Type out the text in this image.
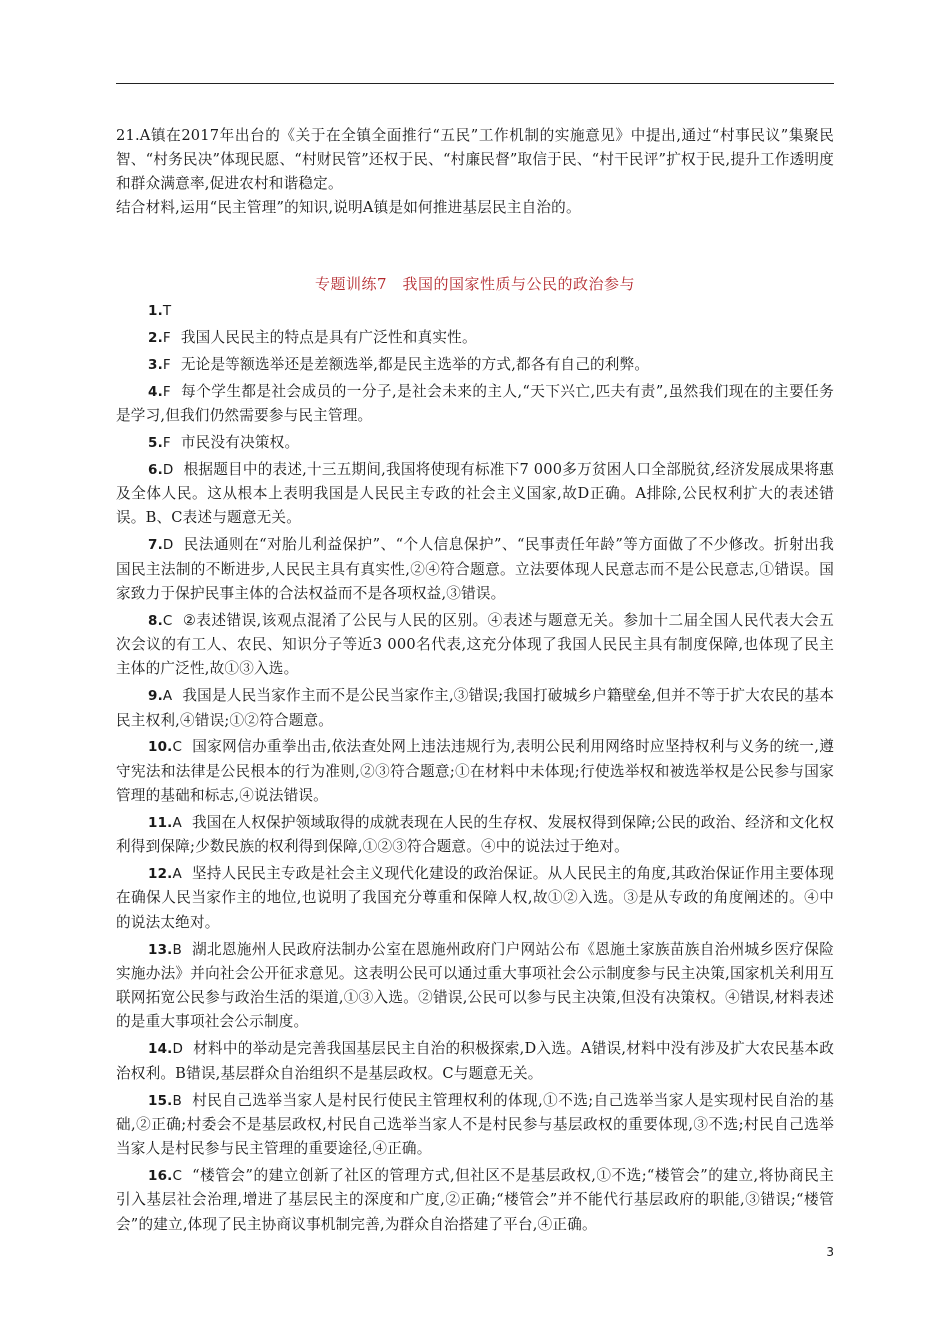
21.A镇在2017年出台的《关于在全镇全面推行“五民”工作机制的实施意见》中提出,通过“村事民议”集聚民智、“村务民决”体现民愿、“村财民管”还权于民、“村廉民督”取信于民、“村干民评”扩权于民,提升工作透明度和群众满意率,促进农村和谐稳定。

结合材料,运用“民主管理”的知识,说明A镇是如何推进基层民主自治的。

专题训练7　我国的国家性质与公民的政治参与

1.T

2.F 我国人民民主的特点是具有广泛性和真实性。

3.F 无论是等额选举还是差额选举,都是民主选举的方式,都各有自己的利弊。

4.F 每个学生都是社会成员的一分子,是社会未来的主人,“天下兴亡,匹夫有责”,虽然我们现在的主要任务是学习,但我们仍然需要参与民主管理。

5.F 市民没有决策权。

6.D 根据题目中的表述,十三五期间,我国将使现有标准下7 000多万贫困人口全部脱贫,经济发展成果将惠及全体人民。这从根本上表明我国是人民民主专政的社会主义国家,故D正确。A排除,公民权利扩大的表述错误。B、C表述与题意无关。

7.D 民法通则在“对胎儿利益保护”、“个人信息保护”、“民事责任年龄”等方面做了不少修改。折射出我国民主法制的不断进步,人民民主具有真实性,②④符合题意。立法要体现人民意志而不是公民意志,①错误。国家致力于保护民事主体的合法权益而不是各项权益,③错误。

8.C ②表述错误,该观点混淆了公民与人民的区别。④表述与题意无关。参加十二届全国人民代表大会五次会议的有工人、农民、知识分子等近3 000名代表,这充分体现了我国人民民主具有制度保障,也体现了民主主体的广泛性,故①③入选。

9.A 我国是人民当家作主而不是公民当家作主,③错误;我国打破城乡户籍壁垒,但并不等于扩大农民的基本民主权利,④错误;①②符合题意。

10.C 国家网信办重拳出击,依法查处网上违法违规行为,表明公民利用网络时应坚持权利与义务的统一,遵守宪法和法律是公民根本的行为准则,②③符合题意;①在材料中未体现;行使选举权和被选举权是公民参与国家管理的基础和标志,④说法错误。

11.A 我国在人权保护领域取得的成就表现在人民的生存权、发展权得到保障;公民的政治、经济和文化权利得到保障;少数民族的权利得到保障,①②③符合题意。④中的说法过于绝对。

12.A 坚持人民民主专政是社会主义现代化建设的政治保证。从人民民主的角度,其政治保证作用主要体现在确保人民当家作主的地位,也说明了我国充分尊重和保障人权,故①②入选。③是从专政的角度阐述的。④中的说法太绝对。

13.B 湖北恩施州人民政府法制办公室在恩施州政府门户网站公布《恩施土家族苗族自治州城乡医疗保险实施办法》并向社会公开征求意见。这表明公民可以通过重大事项社会公示制度参与民主决策,国家机关利用互联网拓宽公民参与政治生活的渠道,①③入选。②错误,公民可以参与民主决策,但没有决策权。④错误,材料表述的是重大事项社会公示制度。

14.D 材料中的举动是完善我国基层民主自治的积极探索,D入选。A错误,材料中没有涉及扩大农民基本政治权利。B错误,基层群众自治组织不是基层政权。C与题意无关。

15.B 村民自己选举当家人是村民行使民主管理权利的体现,①不选;自己选举当家人是实现村民自治的基础,②正确;村委会不是基层政权,村民自己选举当家人不是村民参与基层政权的重要体现,③不选;村民自己选举当家人是村民参与民主管理的重要途径,④正确。

16.C “楼管会”的建立创新了社区的管理方式,但社区不是基层政权,①不选;“楼管会”的建立,将协商民主引入基层社会治理,增进了基层民主的深度和广度,②正确;“楼管会”并不能代行基层政府的职能,③错误;“楼管会”的建立,体现了民主协商议事机制完善,为群众自治搭建了平台,④正确。

3
